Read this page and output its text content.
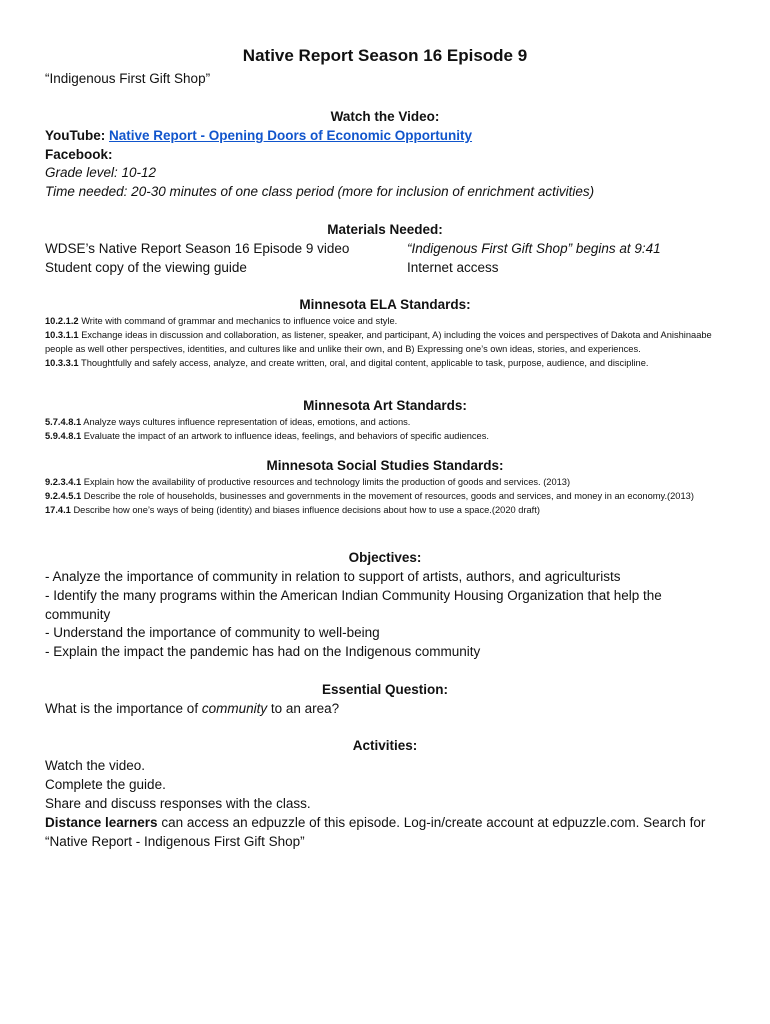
Native Report Season 16 Episode 9
“Indigenous First Gift Shop”
Watch the Video:
YouTube: Native Report - Opening Doors of Economic Opportunity
Facebook:
Grade level: 10-12
Time needed: 20-30 minutes of one class period (more for inclusion of enrichment activities)
Materials Needed:
WDSE’s Native Report Season 16 Episode 9 video	“Indigenous First Gift Shop” begins at 9:41
Student copy of the viewing guide	Internet access
Minnesota ELA Standards:
10.2.1.2 Write with command of grammar and mechanics to influence voice and style.
10.3.1.1 Exchange ideas in discussion and collaboration, as listener, speaker, and participant, A) including the voices and perspectives of Dakota and Anishinaabe people as well other perspectives, identities, and cultures like and unlike their own, and B) Expressing one’s own ideas, stories, and experiences.
10.3.3.1 Thoughtfully and safely access, analyze, and create written, oral, and digital content, applicable to task, purpose, audience, and discipline.
Minnesota Art Standards:
5.7.4.8.1 Analyze ways cultures influence representation of ideas, emotions, and actions.
5.9.4.8.1 Evaluate the impact of an artwork to influence ideas, feelings, and behaviors of specific audiences.
Minnesota Social Studies Standards:
9.2.3.4.1 Explain how the availability of productive resources and technology limits the production of goods and services. (2013)
9.2.4.5.1 Describe the role of households, businesses and governments in the movement of resources, goods and services, and money in an economy.(2013)
17.4.1 Describe how one’s ways of being (identity) and biases influence decisions about how to use a space.(2020 draft)
Objectives:
- Analyze the importance of community in relation to support of artists, authors, and agriculturists
- Identify the many programs within the American Indian Community Housing Organization that help the community
- Understand the importance of community to well-being
- Explain the impact the pandemic has had on the Indigenous community
Essential Question:
What is the importance of community to an area?
Activities:
Watch the video.
Complete the guide.
Share and discuss responses with the class.
Distance learners can access an edpuzzle of this episode. Log-in/create account at edpuzzle.com. Search for “Native Report - Indigenous First Gift Shop”
